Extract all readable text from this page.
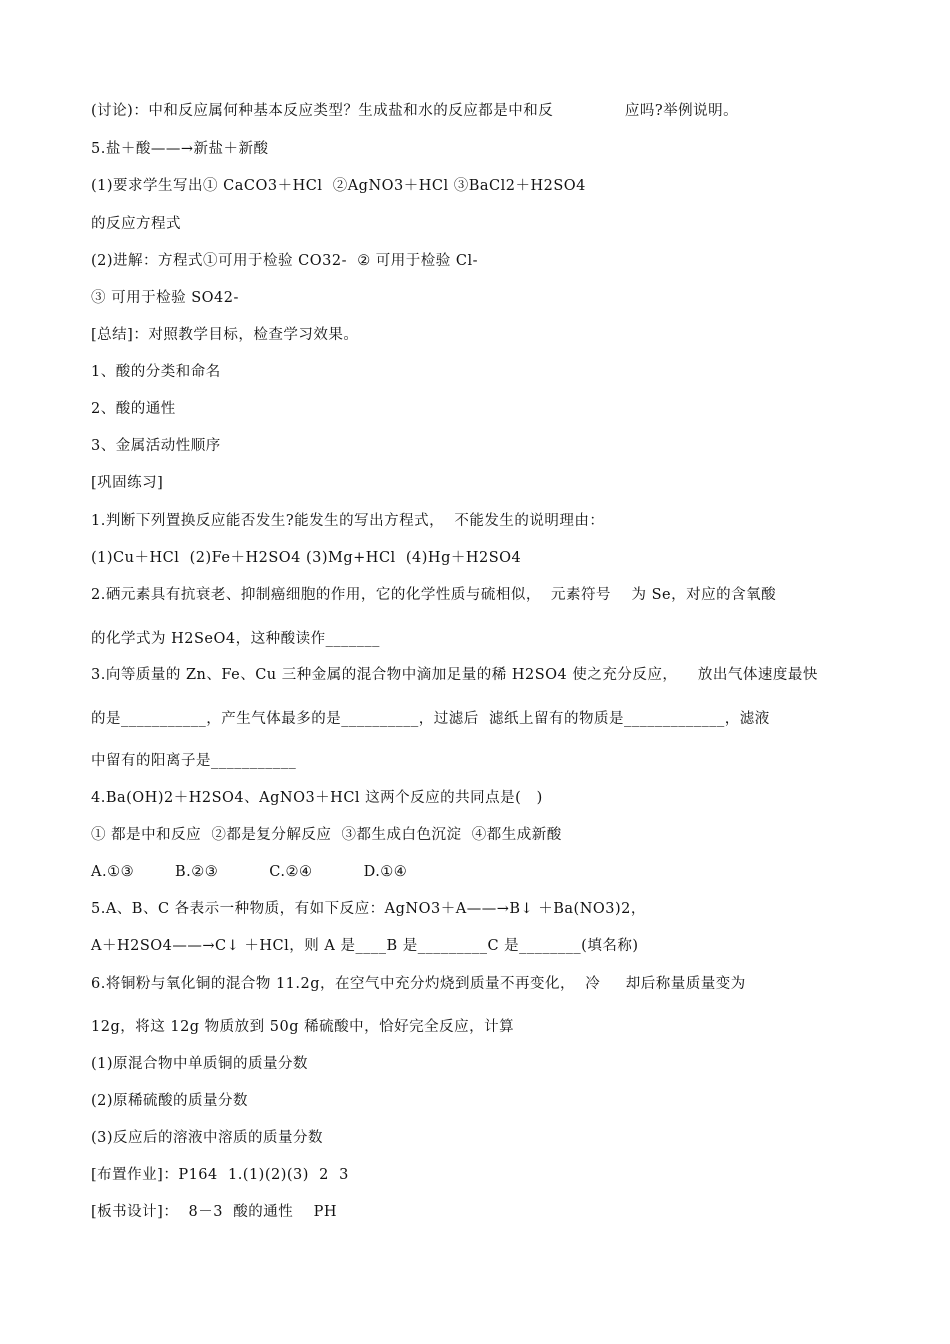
(讨论)：中和反应属何种基本反应类型？生成盐和水的反应都是中和反              应吗?举例说明。
5.盐＋酸——→新盐＋新酸
(1)要求学生写出① CaCO3＋HCl  ②AgNO3＋HCl ③BaCl2＋H2SO4
的反应方程式
(2)进解：方程式①可用于检验 CO32-  ② 可用于检验 Cl-
③ 可用于检验 SO42-
[总结]：对照教学目标，检查学习效果。
1、酸的分类和命名
2、酸的通性
3、金属活动性顺序
[巩固练习]
1.判断下列置换反应能否发生?能发生的写出方程式，  不能发生的说明理由：
(1)Cu＋HCl  (2)Fe＋H2SO4 (3)Mg+HCl  (4)Hg＋H2SO4
2.硒元素具有抗衰老、抑制癌细胞的作用，它的化学性质与硫相似，  元素符号    为 Se，对应的含氧酸
的化学式为 H2SeO4，这种酸读作_______
3.向等质量的 Zn、Fe、Cu 三种金属的混合物中滴加足量的稀 H2SO4 使之充分反应，    放出气体速度最快
的是___________，产生气体最多的是__________，过滤后  滤纸上留有的物质是_____________，滤液
中留有的阳离子是___________
4.Ba(OH)2＋H2SO4、AgNO3＋HCl 这两个反应的共同点是(   )
① 都是中和反应  ②都是复分解反应  ③都生成白色沉淀  ④都生成新酸
A.①③        B.②③          C.②④          D.①④
5.A、B、C 各表示一种物质，有如下反应：AgNO3＋A——→B↓ ＋Ba(NO3)2，
A＋H2SO4——→C↓ ＋HCl，则 A 是____B 是_________C 是________(填名称)
6.将铜粉与氧化铜的混合物 11.2g，在空气中充分灼烧到质量不再变化，  冷     却后称量质量变为
12g，将这 12g 物质放到 50g 稀硫酸中，恰好完全反应，计算
(1)原混合物中单质铜的质量分数
(2)原稀硫酸的质量分数
(3)反应后的溶液中溶质的质量分数
[布置作业]：P164  1.(1)(2)(3)  2  3
[板书设计]：  8－3  酸的通性    PH
